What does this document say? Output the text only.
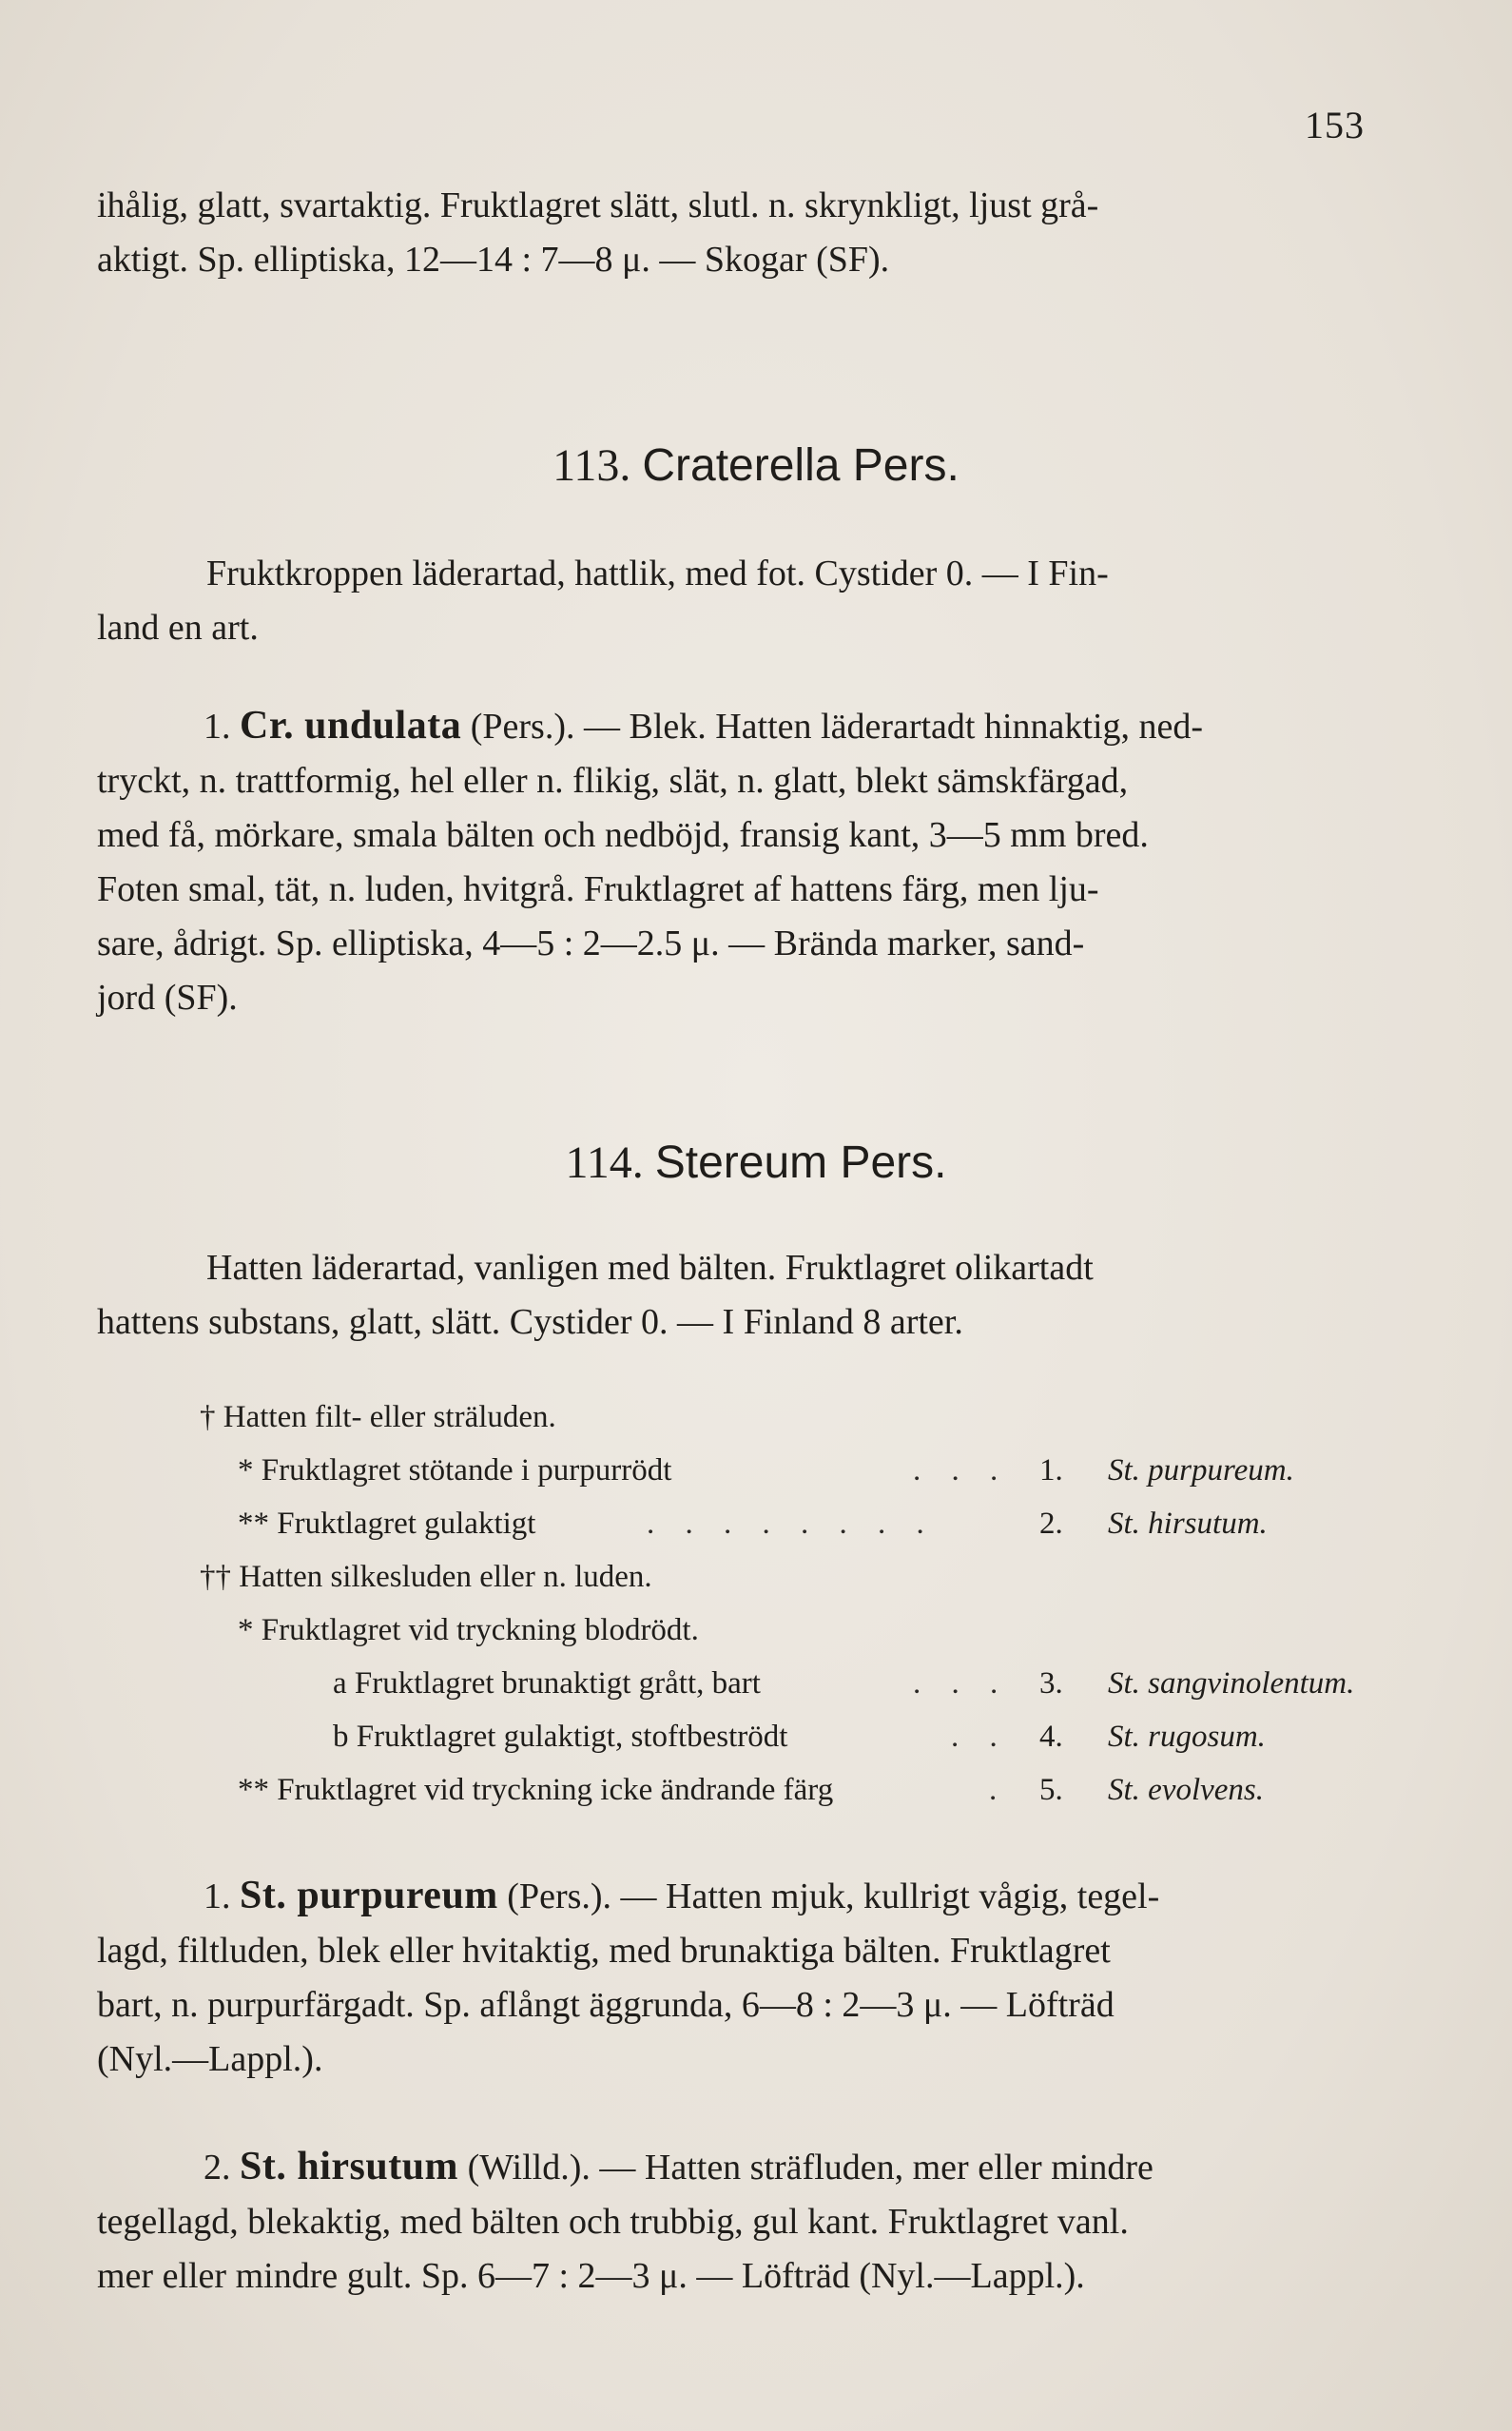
153
ihålig, glatt, svartaktig. Fruktlagret slätt, slutl. n. skrynkligt, ljust grå-
aktigt. Sp. elliptiska, 12—14 : 7—8 μ. — Skogar (SF).
113. Craterella Pers.
Fruktkroppen läderartad, hattlik, med fot. Cystider 0. — I Fin-
land en art.
1. Cr. undulata (Pers.). — Blek. Hatten läderartadt hinnaktig, ned-
tryckt, n. trattformig, hel eller n. flikig, slät, n. glatt, blekt sämskfärgad,
med få, mörkare, smala bälten och nedböjd, fransig kant, 3—5 mm bred.
Foten smal, tät, n. luden, hvitgrå. Fruktlagret af hattens färg, men lju-
sare, ådrigt. Sp. elliptiska, 4—5 : 2—2.5 μ. — Brända marker, sand-
jord (SF).
114. Stereum Pers.
Hatten läderartad, vanligen med bälten. Fruktlagret olikartadt
hattens substans, glatt, slätt. Cystider 0. — I Finland 8 arter.
† Hatten filt- eller sträluden.
* Fruktlagret stötande i purpurrödt	. . . 1. St. purpureum.
** Fruktlagret gulaktigt	. . . . . . . .	2. St. hirsutum.
†† Hatten silkesluden eller n. luden.
* Fruktlagret vid tryckning blodrödt.
a Fruktlagret brunaktigt grått, bart	. . . 3. St. sangvinolentum.
b Fruktlagret gulaktigt, stoftbeströdt	. . 4. St. rugosum.
** Fruktlagret vid tryckning icke ändrande färg	. 5. St. evolvens.
1. St. purpureum (Pers.). — Hatten mjuk, kullrigt vågig, tegel-
lagd, filtluden, blek eller hvitaktig, med brunaktiga bälten. Fruktlagret
bart, n. purpurfärgadt. Sp. aflångt äggrunda, 6—8 : 2—3 μ. — Löfträd
(Nyl.—Lappl.).
2. St. hirsutum (Willd.). — Hatten sträfluden, mer eller mindre
tegellagd, blekaktig, med bälten och trubbig, gul kant. Fruktlagret vanl.
mer eller mindre gult. Sp. 6—7 : 2—3 μ. — Löfträd (Nyl.—Lappl.).
